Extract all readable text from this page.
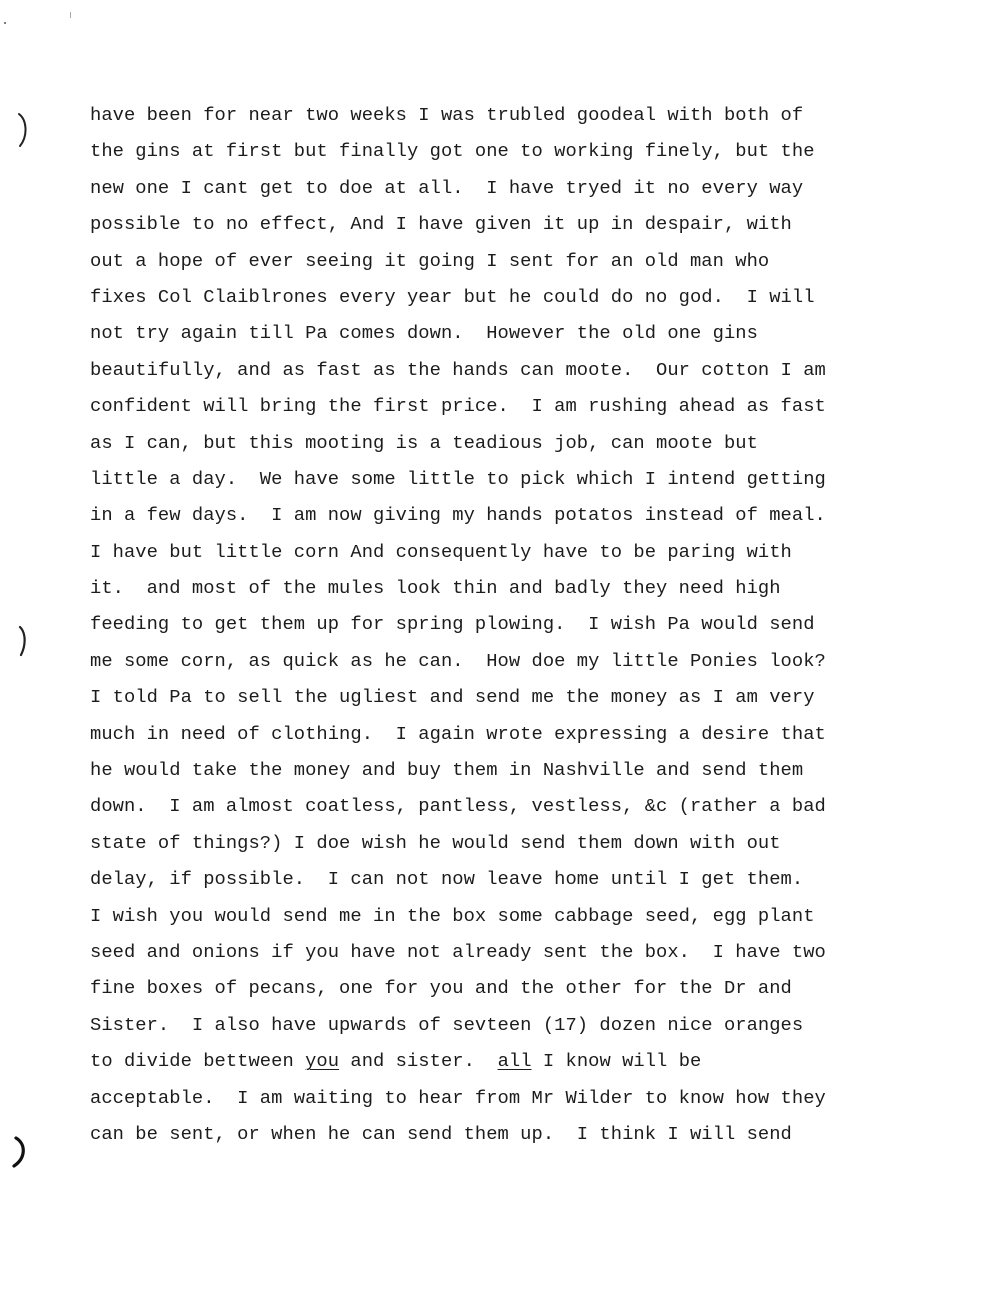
have been for near two weeks I was trubled goodeal with both of
the gins at first but finally got one to working finely, but the
new one I cant get to doe at all.  I have tryed it no every way
possible to no effect, And I have given it up in despair, with
out a hope of ever seeing it going I sent for an old man who
fixes Col Claiblrones every year but he could do no god.  I will
not try again till Pa comes down.  However the old one gins
beautifully, and as fast as the hands can moote.  Our cotton I am
confident will bring the first price.  I am rushing ahead as fast
as I can, but this mooting is a teadious job, can moote but
little a day.  We have some little to pick which I intend getting
in a few days.  I am now giving my hands potatos instead of meal.
I have but little corn And consequently have to be paring with
it.  and most of the mules look thin and badly they need high
feeding to get them up for spring plowing.  I wish Pa would send
me some corn, as quick as he can.  How doe my little Ponies look?
I told Pa to sell the ugliest and send me the money as I am very
much in need of clothing.  I again wrote expressing a desire that
he would take the money and buy them in Nashville and send them
down.  I am almost coatless, pantless, vestless, &c (rather a bad
state of things?) I doe wish he would send them down with out
delay, if possible.  I can not now leave home until I get them.
I wish you would send me in the box some cabbage seed, egg plant
seed and onions if you have not already sent the box.  I have two
fine boxes of pecans, one for you and the other for the Dr and
Sister.  I also have upwards of sevteen (17) dozen nice oranges
to divide bettween you and sister.  all I know will be
acceptable.  I am waiting to hear from Mr Wilder to know how they
can be sent, or when he can send them up.  I think I will send
